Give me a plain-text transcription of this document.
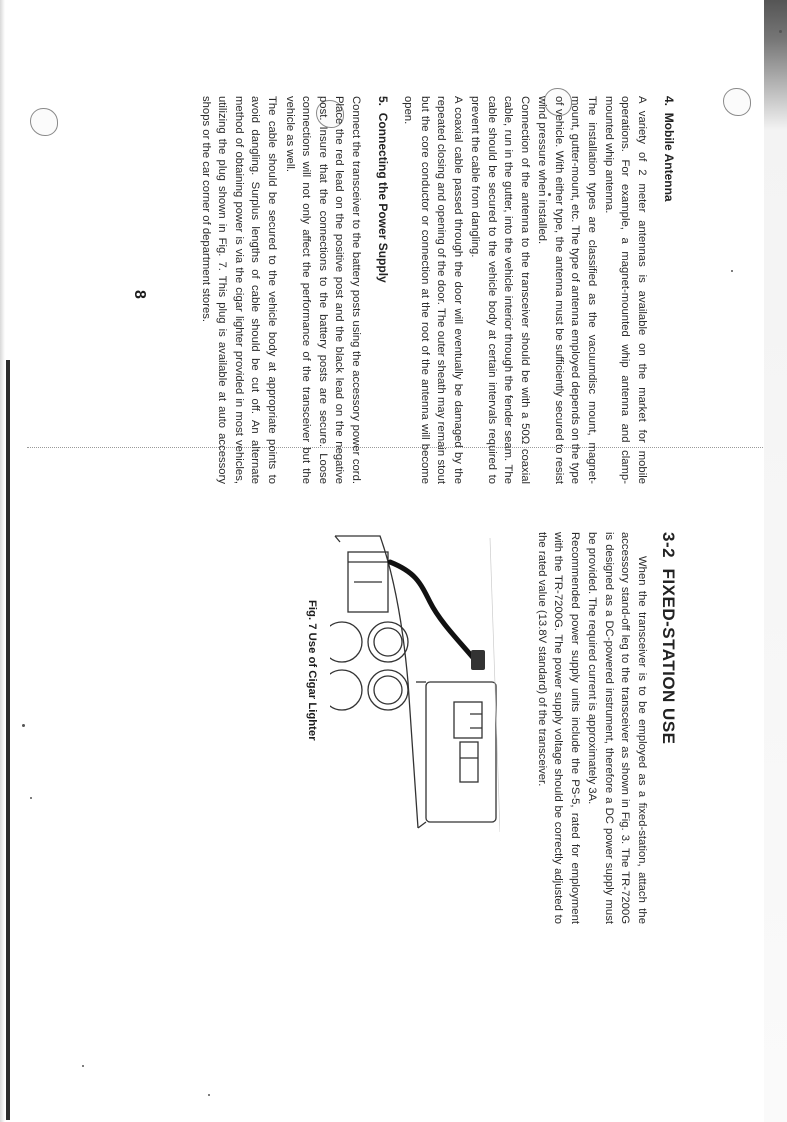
4.  Mobile Antenna

A variety of 2 meter antennas is available on the market for mobile operations. For example, a magnet-mounted whip antenna and clamp-mounted whip antenna.

The installation types are classified as the vacuumdisc mount, magnet-mount, gutter-mount, etc. The type of antenna employed depends on the type of vehicle. With either type, the antenna must be sufficiently secured to resist wind pressure when installed.

Connection of the antenna to the transceiver should be with a 50Ω coaxial cable, run in the gutter, into the vehicle interior through the fender seam. The cable should be secured to the vehicle body at certain intervals required to prevent the cable from dangling.

A coaxial cable passed through the door will eventually be damaged by the repeated closing and opening of the door. The outer sheath may remain stout but the core conductor or connection at the root of the antenna will become open.

5.  Connecting the Power Supply

Connect the transceiver to the battery posts using the accessory power cord. Place the red lead on the positive post and the black lead on the negative post. Insure that the connections to the battery posts are secure. Loose connections will not only affect the performance of the transceiver but the vehicle as well.

The cable should be secured to the vehicle body at appropriate points to avoid dangling. Surplus lengths of cable should be cut off. An alternate method of obtaining power is via the cigar lighter provided in most vehicles, utilizing the plug shown in Fig. 7. This plug is available at auto accessory shops or the car corner of department stores.

8
3-2  FIXED-STATION USE

When the transceiver is to be employed as a fixed-station, attach the accessory stand-off leg to the transceiver as shown in Fig. 3. The TR-7200G is designed as a DC-powered instrument, therefore a DC power supply must be provided. The required current is approximately 3A.

Recommended power supply units include the PS-5, rated for employment with the TR-7200G. The power supply voltage should be correctly adjusted to the rated value (13.8V standard) of the transceiver.

Fig. 7 Use of Cigar Lighter
